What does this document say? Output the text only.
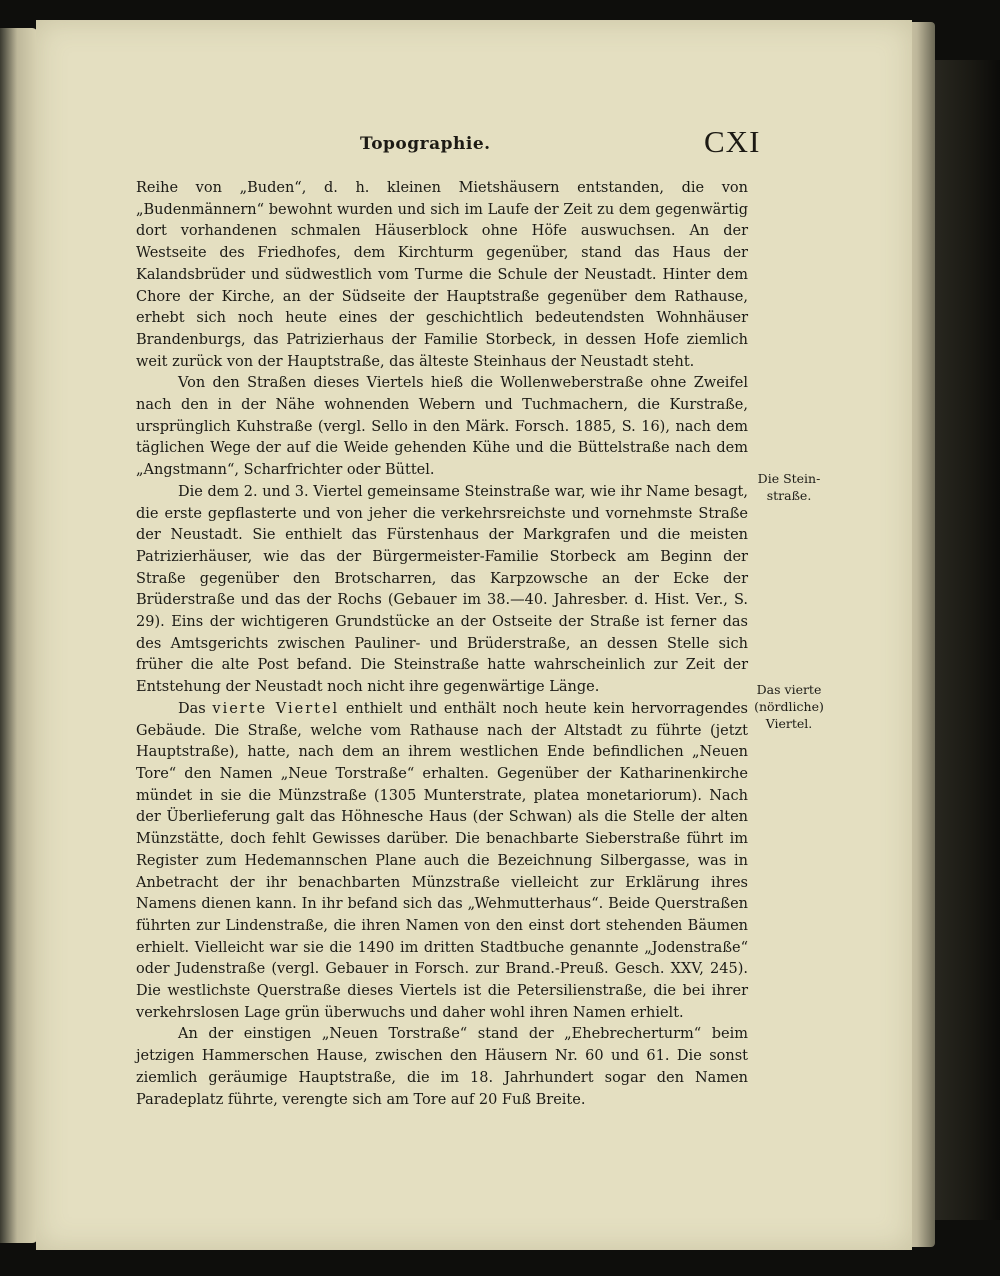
Topographie.	CXI

Reihe von „Buden“, d. h. kleinen Mietshäusern entstanden, die von „Budenmännern“ bewohnt wurden und sich im Laufe der Zeit zu dem gegenwärtig dort vorhandenen schmalen Häuserblock ohne Höfe auswuchsen. An der Westseite des Friedhofes, dem Kirchturm gegenüber, stand das Haus der Kalandsbrüder und südwestlich vom Turme die Schule der Neustadt. Hinter dem Chore der Kirche, an der Südseite der Hauptstraße gegenüber dem Rathause, erhebt sich noch heute eines der geschichtlich bedeutendsten Wohnhäuser Brandenburgs, das Patrizierhaus der Familie Storbeck, in dessen Hofe ziemlich weit zurück von der Hauptstraße, das älteste Steinhaus der Neustadt steht.

Von den Straßen dieses Viertels hieß die Wollenweberstraße ohne Zweifel nach den in der Nähe wohnenden Webern und Tuchmachern, die Kurstraße, ursprünglich Kuhstraße (vergl. Sello in den Märk. Forsch. 1885, S. 16), nach dem täglichen Wege der auf die Weide gehenden Kühe und die Büttelstraße nach dem „Angstmann“, Scharfrichter oder Büttel.

Die dem 2. und 3. Viertel gemeinsame Steinstraße war, wie ihr Name besagt, die erste gepflasterte und von jeher die verkehrsreichste und vornehmste Straße der Neustadt. Sie enthielt das Fürstenhaus der Markgrafen und die meisten Patrizierhäuser, wie das der Bürgermeister-Familie Storbeck am Beginn der Straße gegenüber den Brotscharren, das Karpzowsche an der Ecke der Brüderstraße und das der Rochs (Gebauer im 38.—40. Jahresber. d. Hist. Ver., S. 29). Eins der wichtigeren Grundstücke an der Ostseite der Straße ist ferner das des Amtsgerichts zwischen Pauliner- und Brüderstraße, an dessen Stelle sich früher die alte Post befand. Die Steinstraße hatte wahrscheinlich zur Zeit der Entstehung der Neustadt noch nicht ihre gegenwärtige Länge.

Das vierte Viertel enthielt und enthält noch heute kein hervorragendes Gebäude. Die Straße, welche vom Rathause nach der Altstadt zu führte (jetzt Hauptstraße), hatte, nach dem an ihrem westlichen Ende befindlichen „Neuen Tore“ den Namen „Neue Torstraße“ erhalten. Gegenüber der Katharinenkirche mündet in sie die Münzstraße (1305 Munterstrate, platea monetariorum). Nach der Überlieferung galt das Höhnesche Haus (der Schwan) als die Stelle der alten Münzstätte, doch fehlt Gewisses darüber. Die benachbarte Sieberstraße führt im Register zum Hedemannschen Plane auch die Bezeichnung Silbergasse, was in Anbetracht der ihr benachbarten Münzstraße vielleicht zur Erklärung ihres Namens dienen kann. In ihr befand sich das „Wehmutterhaus“. Beide Querstraßen führten zur Lindenstraße, die ihren Namen von den einst dort stehenden Bäumen erhielt. Vielleicht war sie die 1490 im dritten Stadtbuche genannte „Jodenstraße“ oder Judenstraße (vergl. Gebauer in Forsch. zur Brand.-Preuß. Gesch. XXV, 245). Die westlichste Querstraße dieses Viertels ist die Petersilienstraße, die bei ihrer verkehrslosen Lage grün überwuchs und daher wohl ihren Namen erhielt.

An der einstigen „Neuen Torstraße“ stand der „Ehebrecherturm“ beim jetzigen Hammerschen Hause, zwischen den Häusern Nr. 60 und 61. Die sonst ziemlich geräumige Hauptstraße, die im 18. Jahrhundert sogar den Namen Paradeplatz führte, verengte sich am Tore auf 20 Fuß Breite.

Die Stein-
straße.
Das vierte
(nördliche)
Viertel.
